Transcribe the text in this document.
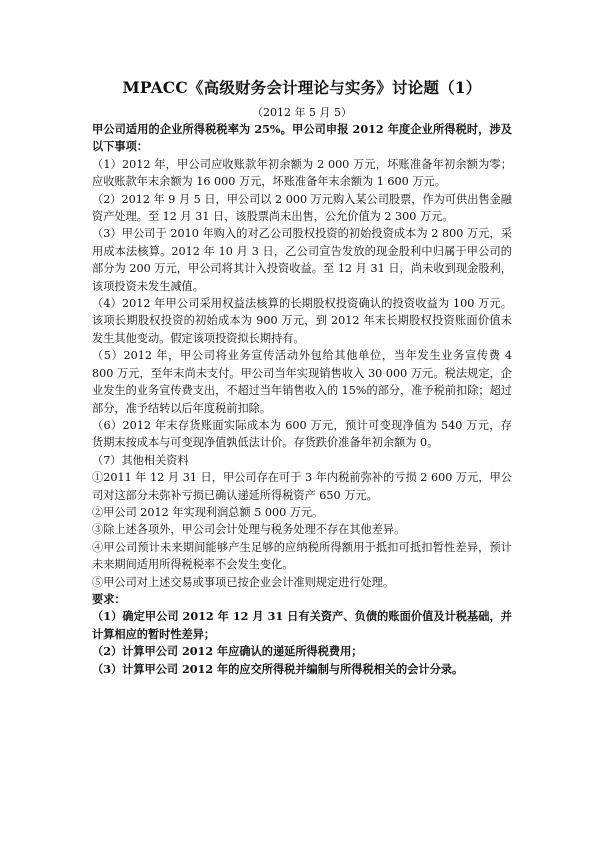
MPACC《高级财务会计理论与实务》讨论题（1）
（2012 年 5 月 5）

甲公司适用的企业所得税税率为 25%。甲公司申报 2012 年度企业所得税时，涉及以下事项：

（1）2012 年，甲公司应收账款年初余额为 2 000 万元，坏账准备年初余额为零；应收账款年末余额为 16 000 万元，坏账准备年末余额为 1 600 万元。

（2）2012 年 9 月 5 日，甲公司以 2 000 万元购入某公司股票，作为可供出售金融资产处理。至 12 月 31 日，该股票尚未出售，公允价值为 2 300 万元。

（3）甲公司于 2010 年购入的对乙公司股权投资的初始投资成本为 2 800 万元，采用成本法核算。2012 年 10 月 3 日，乙公司宣告发放的现金股利中归属于甲公司的部分为 200 万元，甲公司将其计入投资收益。至 12 月 31 日，尚未收到现金股利，该项投资未发生减值。

（4）2012 年甲公司采用权益法核算的长期股权投资确认的投资收益为 100 万元。该项长期股权投资的初始成本为 900 万元，到 2012 年末长期股权投资账面价值未发生其他变动。假定该项投资拟长期持有。

（5）2012 年，甲公司将业务宣传活动外包给其他单位，当年发生业务宣传费 4 800 万元，至年末尚未支付。甲公司当年实现销售收入 30 000 万元。税法规定，企业发生的业务宣传费支出，不超过当年销售收入的 15%的部分，准予税前扣除；超过部分，准予结转以后年度税前扣除。

（6）2012 年末存货账面实际成本为 600 万元，预计可变现净值为 540 万元，存货期末按成本与可变现净值孰低法计价。存货跌价准备年初余额为 0。

（7）其他相关资料

①2011 年 12 月 31 日，甲公司存在可于 3 年内税前弥补的亏损 2 600 万元，甲公司对这部分未弥补亏损已确认递延所得税资产 650 万元。

②甲公司 2012 年实现利润总额 5 000 万元。

③除上述各项外，甲公司会计处理与税务处理不存在其他差异。

④甲公司预计未来期间能够产生足够的应纳税所得额用于抵扣可抵扣暂性差异，预计未来期间适用所得税税率不会发生变化。

⑤甲公司对上述交易或事项已按企业会计准则规定进行处理。

要求：

（1）确定甲公司 2012 年 12 月 31 日有关资产、负债的账面价值及计税基础，并计算相应的暂时性差异；

（2）计算甲公司 2012 年应确认的递延所得税费用；

（3）计算甲公司 2012 年的应交所得税并编制与所得税相关的会计分录。
